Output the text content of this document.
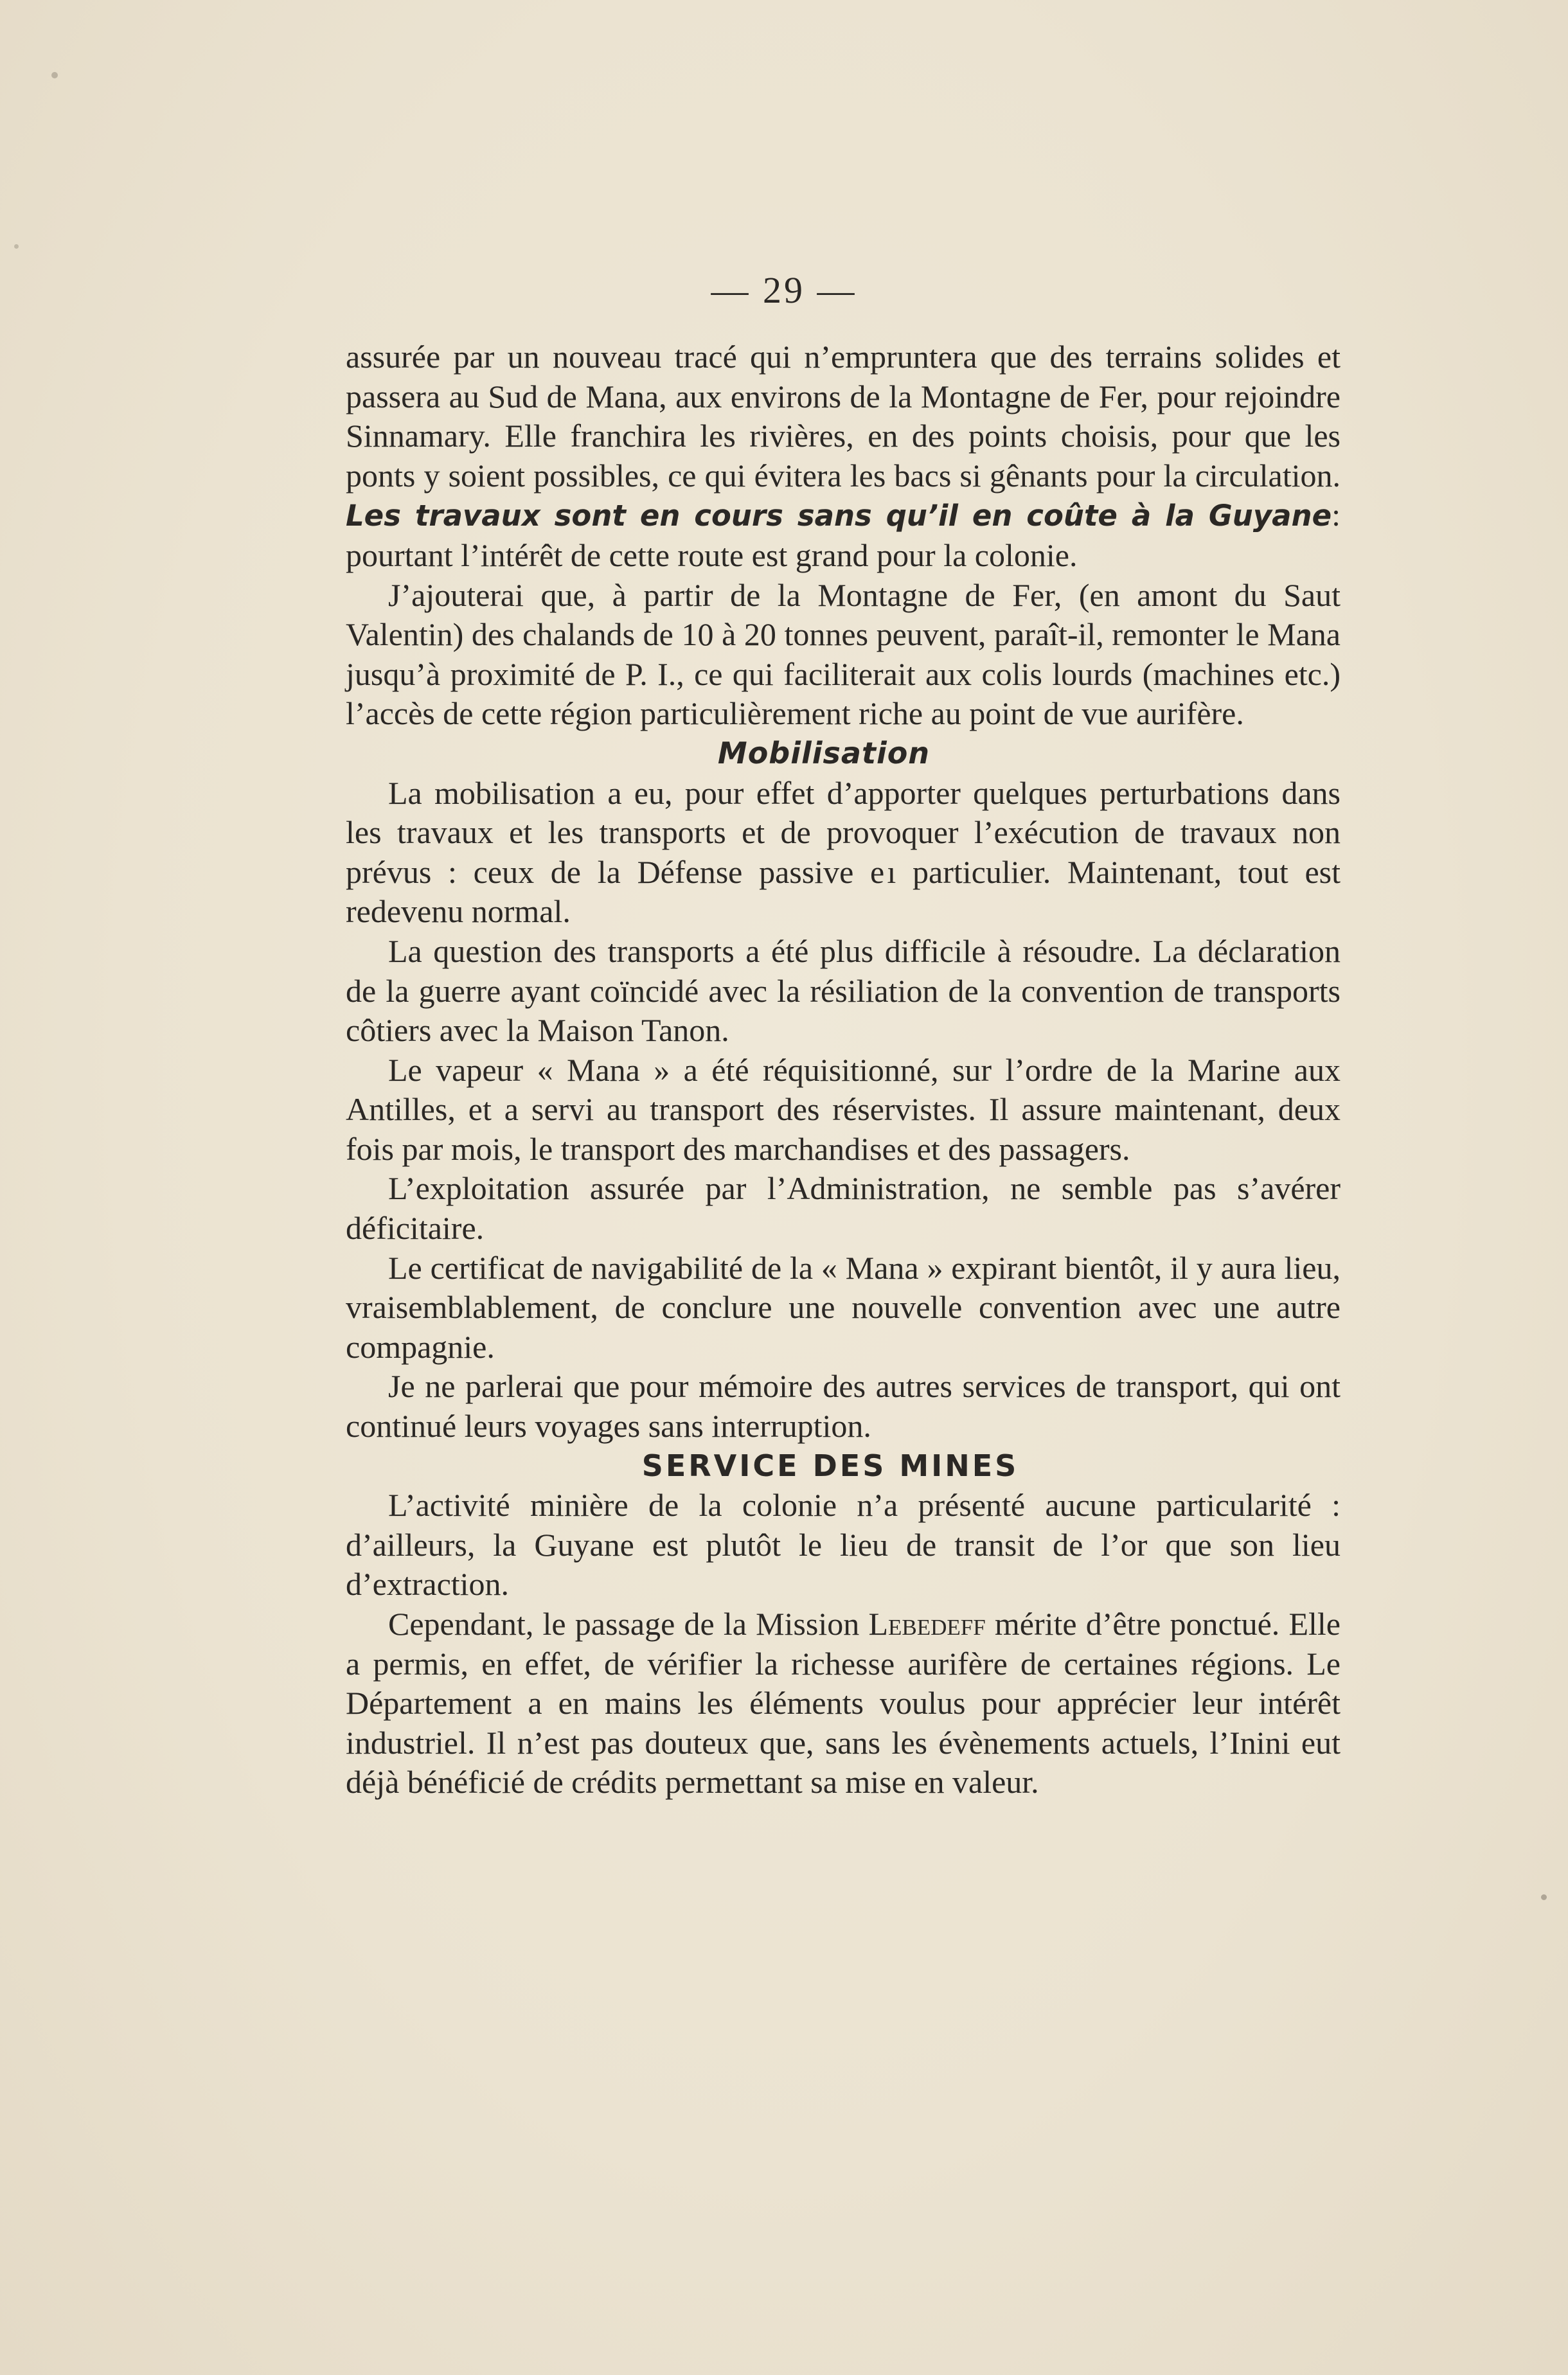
— 29 —

assurée par un nouveau tracé qui n’empruntera que des terrains solides et passera au Sud de Mana, aux environs de la Montagne de Fer, pour rejoindre Sinnamary. Elle franchira les rivières, en des points choisis, pour que les ponts y soient possibles, ce qui évitera les bacs si gênants pour la circulation. Les travaux sont en cours sans qu’il en coûte à la Guyane: pourtant l’intérêt de cette route est grand pour la colonie.

J’ajouterai que, à partir de la Montagne de Fer, (en amont du Saut Valentin) des chalands de 10 à 20 tonnes peuvent, paraît-il, remonter le Mana jusqu’à proximité de P. I., ce qui faciliterait aux colis lourds (machines etc.) l’accès de cette région particulièrement riche au point de vue aurifère.

Mobilisation

La mobilisation a eu, pour effet d’apporter quelques perturbations dans les travaux et les transports et de provoquer l’exécution de travaux non prévus : ceux de la Défense passive e ı particulier. Maintenant, tout est redevenu normal.

La question des transports a été plus difficile à résoudre. La déclaration de la guerre ayant coïncidé avec la résiliation de la convention de transports côtiers avec la Maison Tanon.

Le vapeur « Mana » a été réquisitionné, sur l’ordre de la Marine aux Antilles, et a servi au transport des réservistes. Il assure maintenant, deux fois par mois, le transport des marchandises et des passagers.

L’exploitation assurée par l’Administration, ne semble pas s’avérer déficitaire.

Le certificat de navigabilité de la « Mana » expirant bientôt, il y aura lieu, vraisemblablement, de conclure une nouvelle convention avec une autre compagnie.

Je ne parlerai que pour mémoire des autres services de transport, qui ont continué leurs voyages sans interruption.

SERVICE DES MINES

L’activité minière de la colonie n’a présenté aucune particularité : d’ailleurs, la Guyane est plutôt le lieu de transit de l’or que son lieu d’extraction.

Cependant, le passage de la Mission Lebedeff mérite d’être ponctué. Elle a permis, en effet, de vérifier la richesse aurifère de certaines régions. Le Département a en mains les éléments voulus pour apprécier leur intérêt industriel. Il n’est pas douteux que, sans les évènements actuels, l’Inini eut déjà bénéficié de crédits permettant sa mise en valeur.
